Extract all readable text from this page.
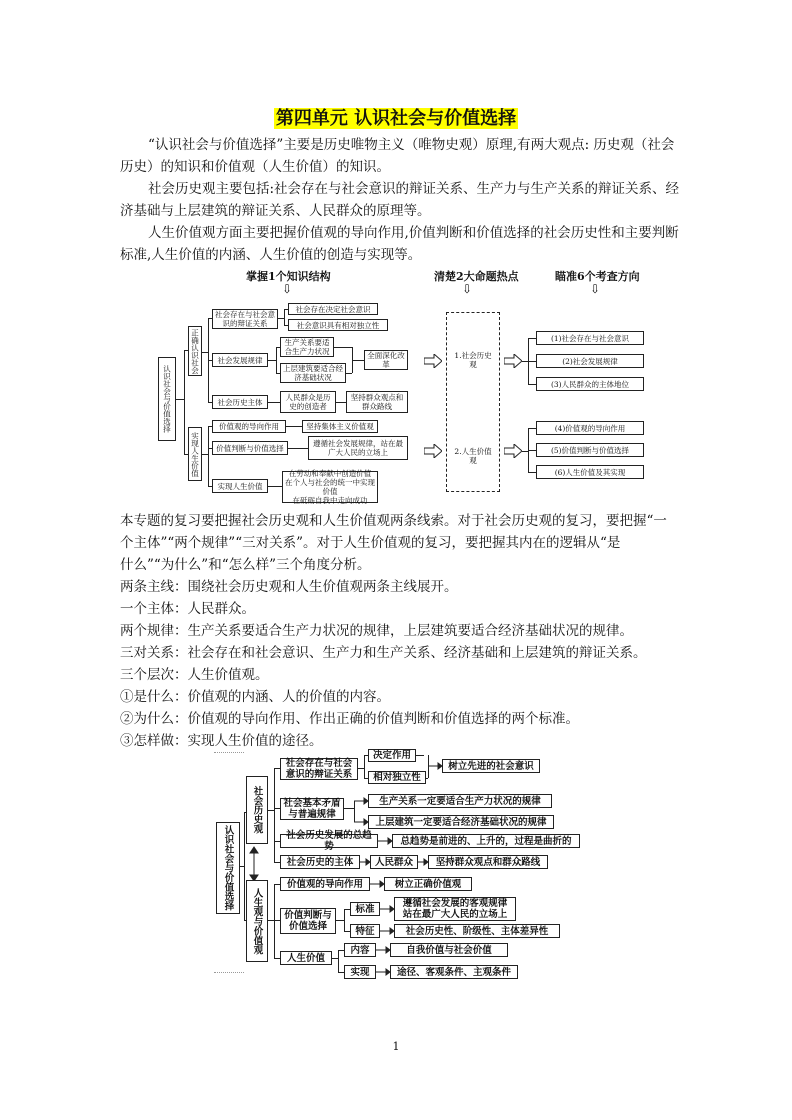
第四单元 认识社会与价值选择

“认识社会与价值选择”主要是历史唯物主义（唯物史观）原理,有两大观点: 历史观（社会历史）的知识和价值观（人生价值）的知识。

社会历史观主要包括:社会存在与社会意识的辩证关系、生产力与生产关系的辩证关系、经济基础与上层建筑的辩证关系、人民群众的原理等。

人生价值观方面主要把握价值观的导向作用,价值判断和价值选择的社会历史性和主要判断标准,人生价值的内涵、人生价值的创造与实现等。

掌握1个知识结构	清楚2大命题热点	瞄准6个考查方向
⇩	⇩	⇩
认识社会与价值选择
正确认识社会
实现人生价值
社会存在与社会意识的辩证关系
社会存在决定社会意识
社会意识具有相对独立性
社会发展规律
生产关系要适合生产力状况
上层建筑要适合经济基础状况
全面深化改革
社会历史主体	人民群众是历史的创造者
坚持群众观点和群众路线
价值观的导向作用	坚持集体主义价值观
价值判断与价值选择	遵循社会发展规律，站在最广大人民的立场上
实现人生价值
在劳动和奉献中创造价值
在个人与社会的统一中实现价值
在砥砺自我中走向成功
1.社会历史观
2.人生价值观
(1)社会存在与社会意识
(2)社会发展规律
(3)人民群众的主体地位
(4)价值观的导向作用
(5)价值判断与价值选择
(6)人生价值及其实现
本专题的复习要把握社会历史观和人生价值观两条线索。对于社会历史观的复习，要把握“一
个主体”“两个规律”“三对关系”。对于人生价值观的复习，要把握其内在的逻辑从“是
什么”“为什么”和“怎么样”三个角度分析。
两条主线：围绕社会历史观和人生价值观两条主线展开。
一个主体：人民群众。
两个规律：生产关系要适合生产力状况的规律，上层建筑要适合经济基础状况的规律。
三对关系：社会存在和社会意识、生产力和生产关系、经济基础和上层建筑的辩证关系。
三个层次：人生价值观。
①是什么：价值观的内涵、人的价值的内容。
②为什么：价值观的导向作用、作出正确的价值判断和价值选择的两个标准。
③怎样做：实现人生价值的途径。
认识社会与价值选择
社会历史观
人生观与价值观
社会存在与社会意识的辩证关系
决定作用
相对独立性
树立先进的社会意识
社会基本矛盾与普遍规律
生产关系一定要适合生产力状况的规律
上层建筑一定要适合经济基础状况的规律
社会历史发展的总趋势	总趋势是前进的、上升的，过程是曲折的
社会历史的主体	人民群众	坚持群众观点和群众路线
价值观的导向作用	树立正确价值观
价值判断与价值选择
标准	遵循社会发展的客观规律
站在最广大人民的立场上
特征	社会历史性、阶级性、主体差异性
人生价值
内容	自我价值与社会价值
实现	途径、客观条件、主观条件
1
